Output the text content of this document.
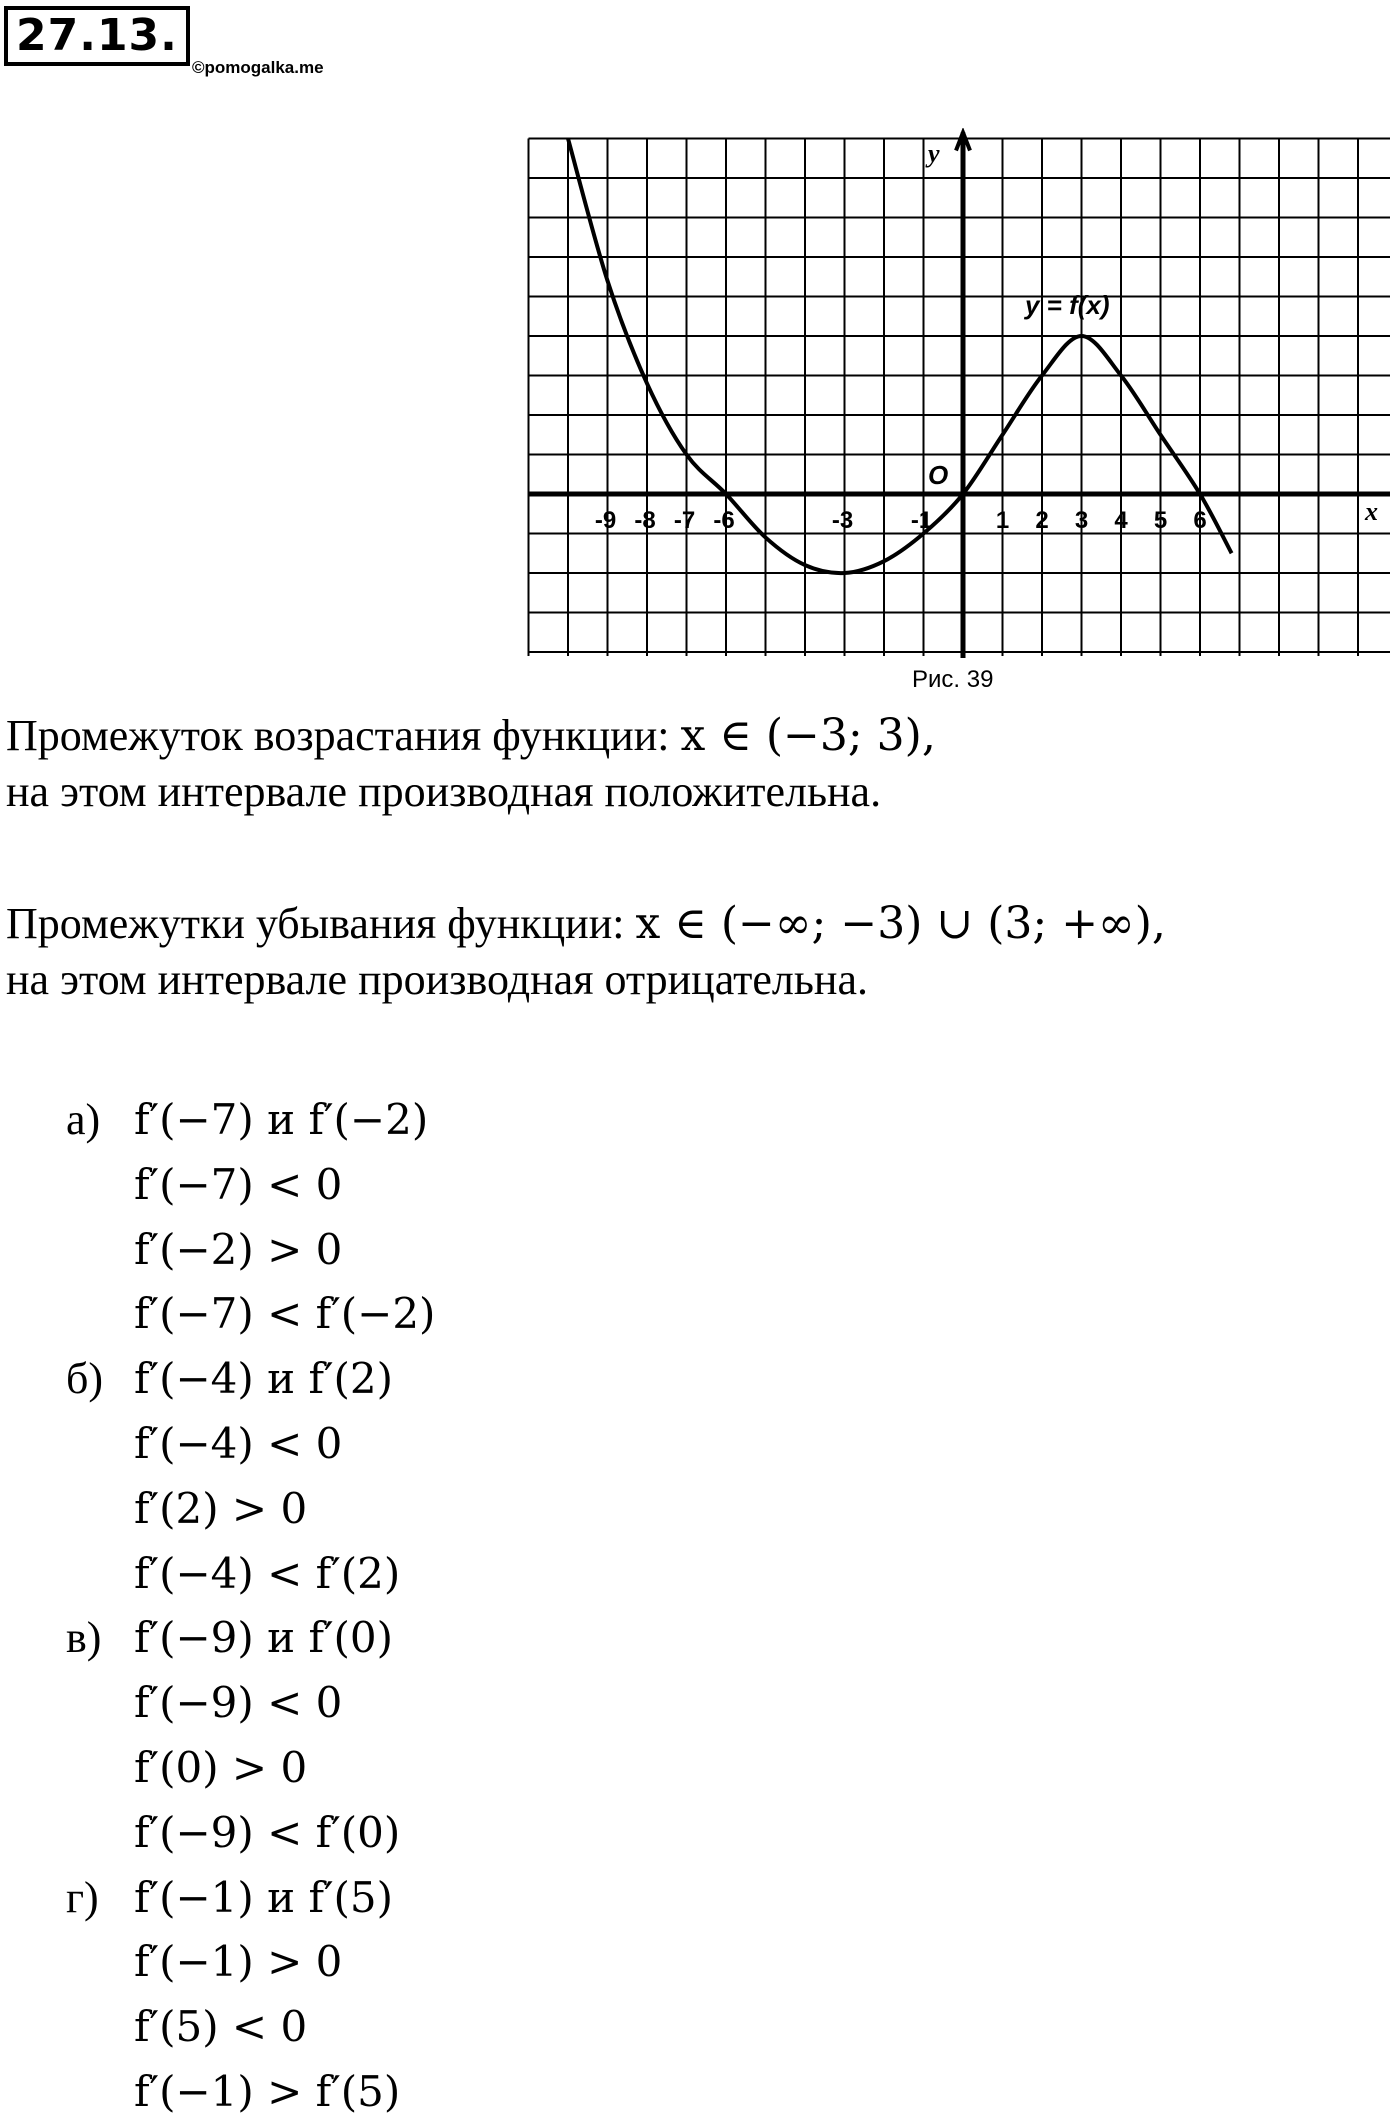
27.13.
©pomogalka.me
-9 -8 -7 -6	-3 -1	1 2 3 4 5 6
y = f(x)
x
y
O
Рис. 39
Промежуток возрастания функции: x ∈ (−3; 3),
на этом интервале производная положительна.
Промежутки убывания функции: x ∈ (−∞; −3) ∪ (3; +∞),
на этом интервале производная отрицательна.
а) f′(−7) и f′(−2)
f′(−7) < 0
f′(−2) > 0
f′(−7) < f′(−2)
б) f′(−4) и f′(2)
f′(−4) < 0
f′(2) > 0
f′(−4) < f′(2)
в) f′(−9) и f′(0)
f′(−9) < 0
f′(0) > 0
f′(−9) < f′(0)
г) f′(−1) и f′(5)
f′(−1) > 0
f′(5) < 0
f′(−1) > f′(5)
